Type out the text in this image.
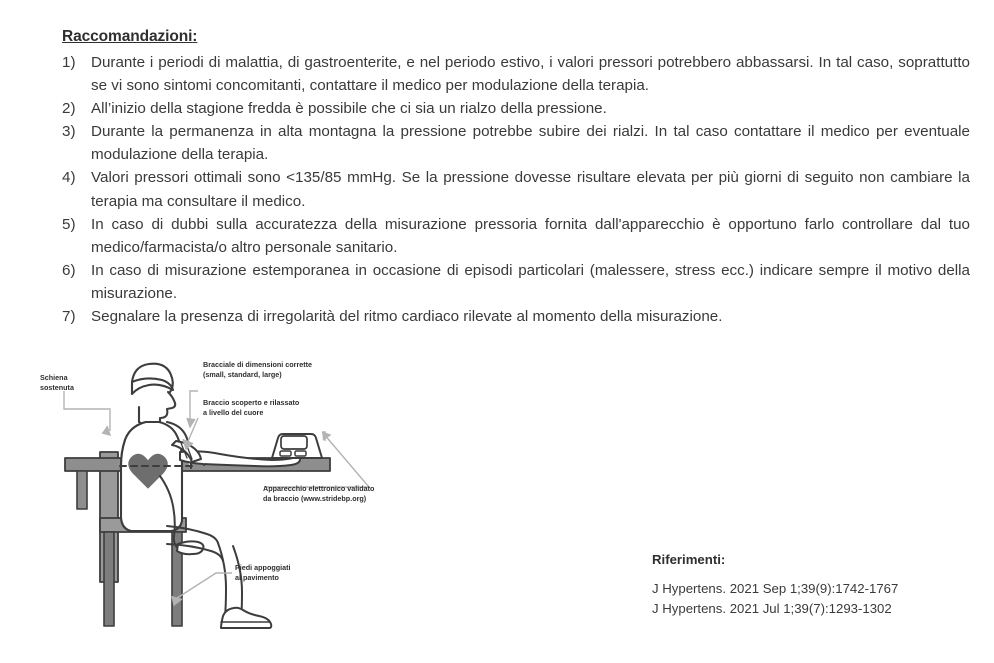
Raccomandazioni:
1)	Durante i periodi di malattia, di gastroenterite, e nel periodo estivo, i valori pressori potrebbero abbassarsi. In tal caso, soprattutto se vi sono sintomi concomitanti, contattare il medico per modulazione della terapia.
2)	All’inizio della stagione fredda è possibile che ci sia un rialzo della pressione.
3)	Durante la permanenza in alta montagna la pressione potrebbe subire dei rialzi. In tal caso contattare il medico per eventuale modulazione della terapia.
4)	Valori pressori ottimali sono <135/85 mmHg. Se la pressione dovesse risultare elevata per più giorni di seguito non cambiare la terapia ma consultare il medico.
5)	In caso di dubbi sulla accuratezza della misurazione pressoria fornita dall'apparecchio è opportuno farlo controllare dal tuo medico/farmacista/o altro personale sanitario.
6)	In caso di misurazione estemporanea in occasione di episodi particolari (malessere, stress ecc.) indicare sempre il motivo della misurazione.
7)	Segnalare la presenza di irregolarità del ritmo cardiaco rilevate al momento della misurazione.
Schiena
sostenuta
Bracciale di dimensioni corrette
(small, standard, large)
Braccio scoperto e rilassato
a livello del cuore
Apparecchio elettronico validato
da braccio (www.stridebp.org)
Piedi appoggiati
al pavimento
Riferimenti:
J Hypertens. 2021 Sep 1;39(9):1742-1767
J Hypertens. 2021 Jul 1;39(7):1293-1302
